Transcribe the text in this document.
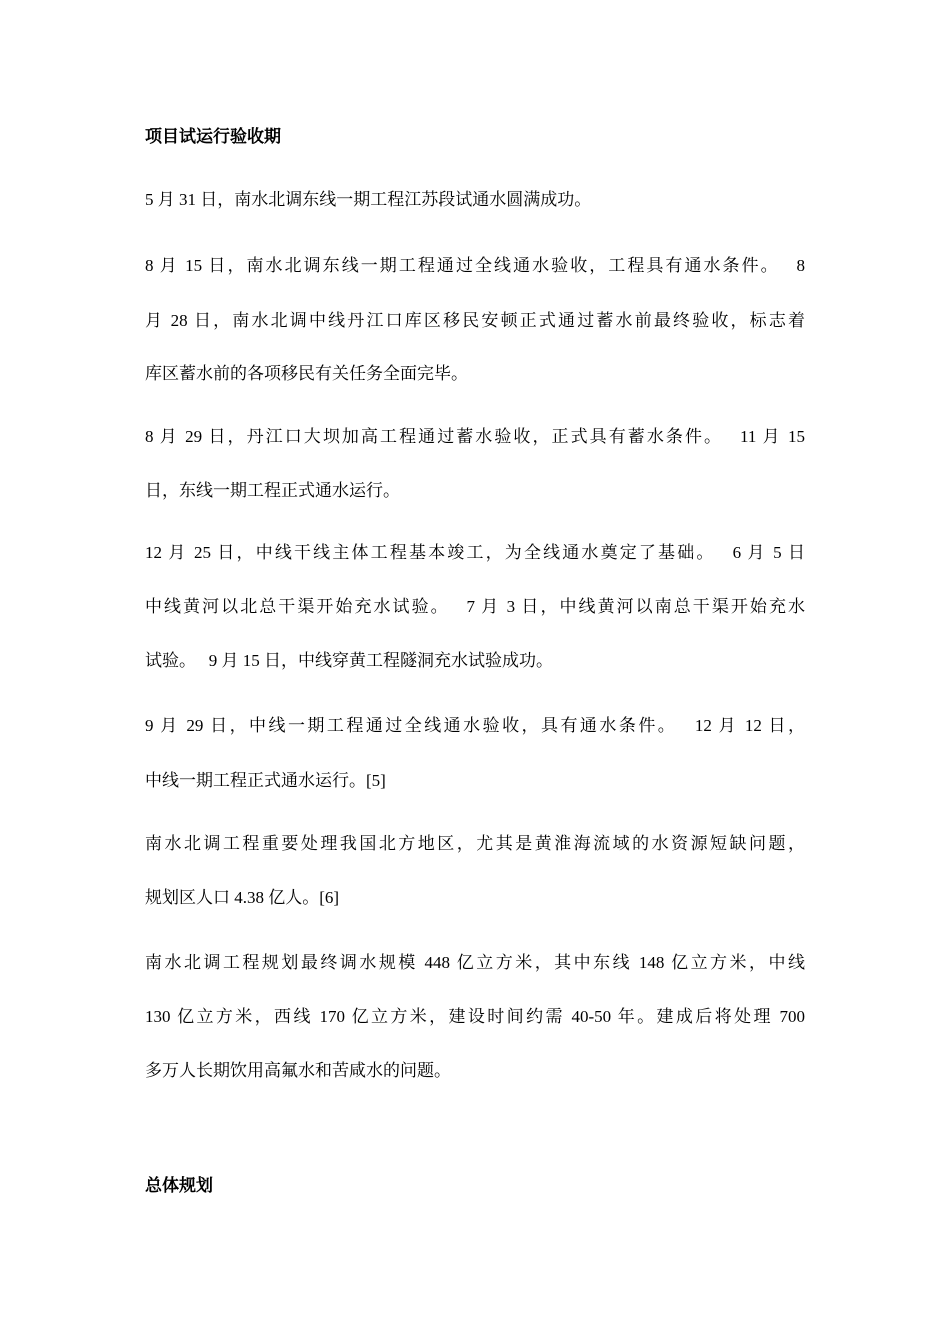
项目试运行验收期
5 月 31 日，南水北调东线一期工程江苏段试通水圆满成功。
8 月 15 日，南水北调东线一期工程通过全线通水验收，工程具有通水条件。　 8
月 28 日，南水北调中线丹江口库区移民安顿正式通过蓄水前最终验收，标志着
库区蓄水前的各项移民有关任务全面完毕。
8 月 29 日，丹江口大坝加高工程通过蓄水验收，正式具有蓄水条件。　 11 月 15
日，东线一期工程正式通水运行。
12 月 25 日，中线干线主体工程基本竣工，为全线通水奠定了基础。　 6 月 5 日
中线黄河以北总干渠开始充水试验。　 7 月 3 日，中线黄河以南总干渠开始充水
试验。　 9 月 15 日，中线穿黄工程隧洞充水试验成功。
9 月 29 日，中线一期工程通过全线通水验收，具有通水条件。　 12 月 12 日，
中线一期工程正式通水运行。[5]
南水北调工程重要处理我国北方地区，尤其是黄淮海流域的水资源短缺问题，
规划区人口 4.38 亿人。[6]
南水北调工程规划最终调水规模 448 亿立方米，其中东线 148 亿立方米，中线
130 亿立方米，西线 170 亿立方米，建设时间约需 40-50 年。建成后将处理 700
多万人长期饮用高氟水和苦咸水的问题。
总体规划
